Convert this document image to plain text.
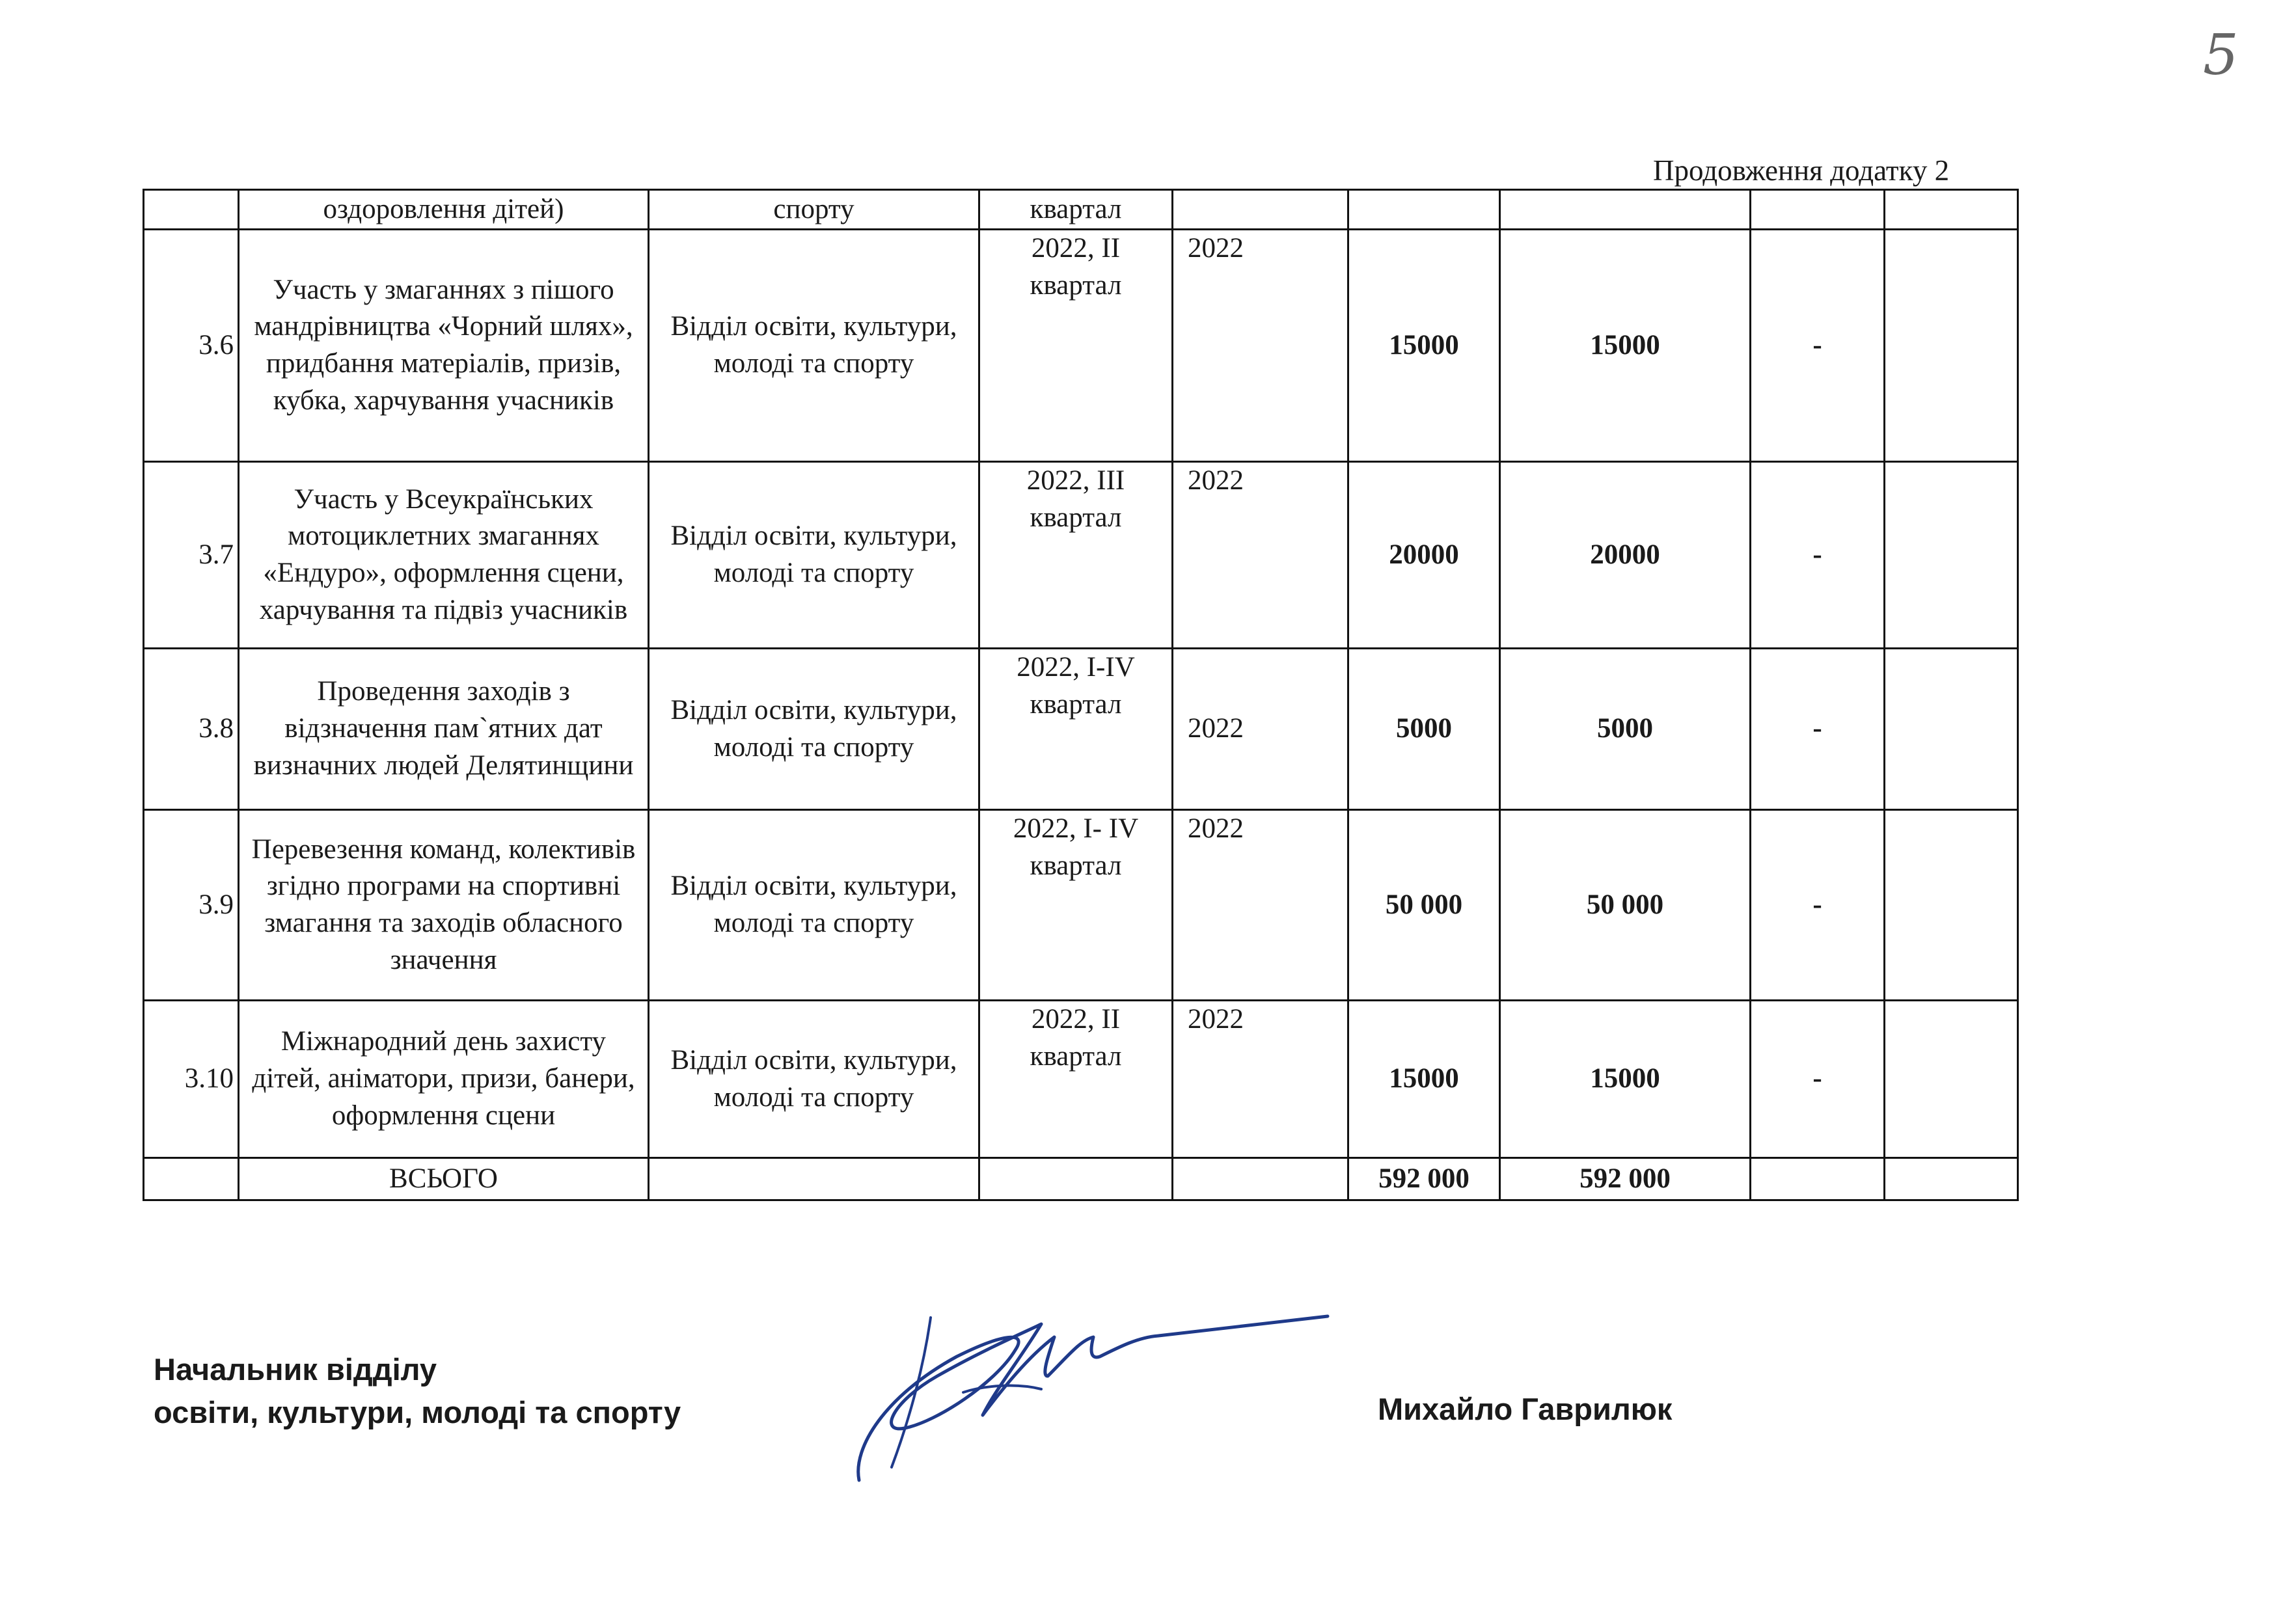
5
Продовження додатку 2
	оздоровлення дітей)	спорту	квартал					
3.6	Участь у змаганнях з пішого мандрівництва «Чорний шлях», придбання матеріалів, призів, кубка, харчування учасників	Відділ освіти, культури, молоді та спорту	2022, ІІ квартал	2022	15000	15000	-	
3.7	Участь у Всеукраїнських мотоциклетних змаганнях «Ендуро», оформлення сцени, харчування та підвіз учасників	Відділ освіти, культури, молоді та спорту	2022, ІІІ квартал	2022	20000	20000	-	
3.8	Проведення заходів з відзначення пам`ятних дат визначних людей Делятинщини	Відділ освіти, культури, молоді та спорту	2022, І-ІV квартал	2022	5000	5000	-	
3.9	Перевезення команд, колективів згідно програми на спортивні змагання та заходів обласного значення	Відділ освіти, культури, молоді та спорту	2022, І- ІV квартал	2022	50 000	50 000	-	
3.10	Міжнародний день захисту дітей, аніматори, призи, банери, оформлення сцени	Відділ освіти, культури, молоді та спорту	2022, ІІ квартал	2022	15000	15000	-	
	ВСЬОГО				592 000	592 000		
Начальник відділу
освіти, культури, молоді та спорту	Михайло Гаврилюк
